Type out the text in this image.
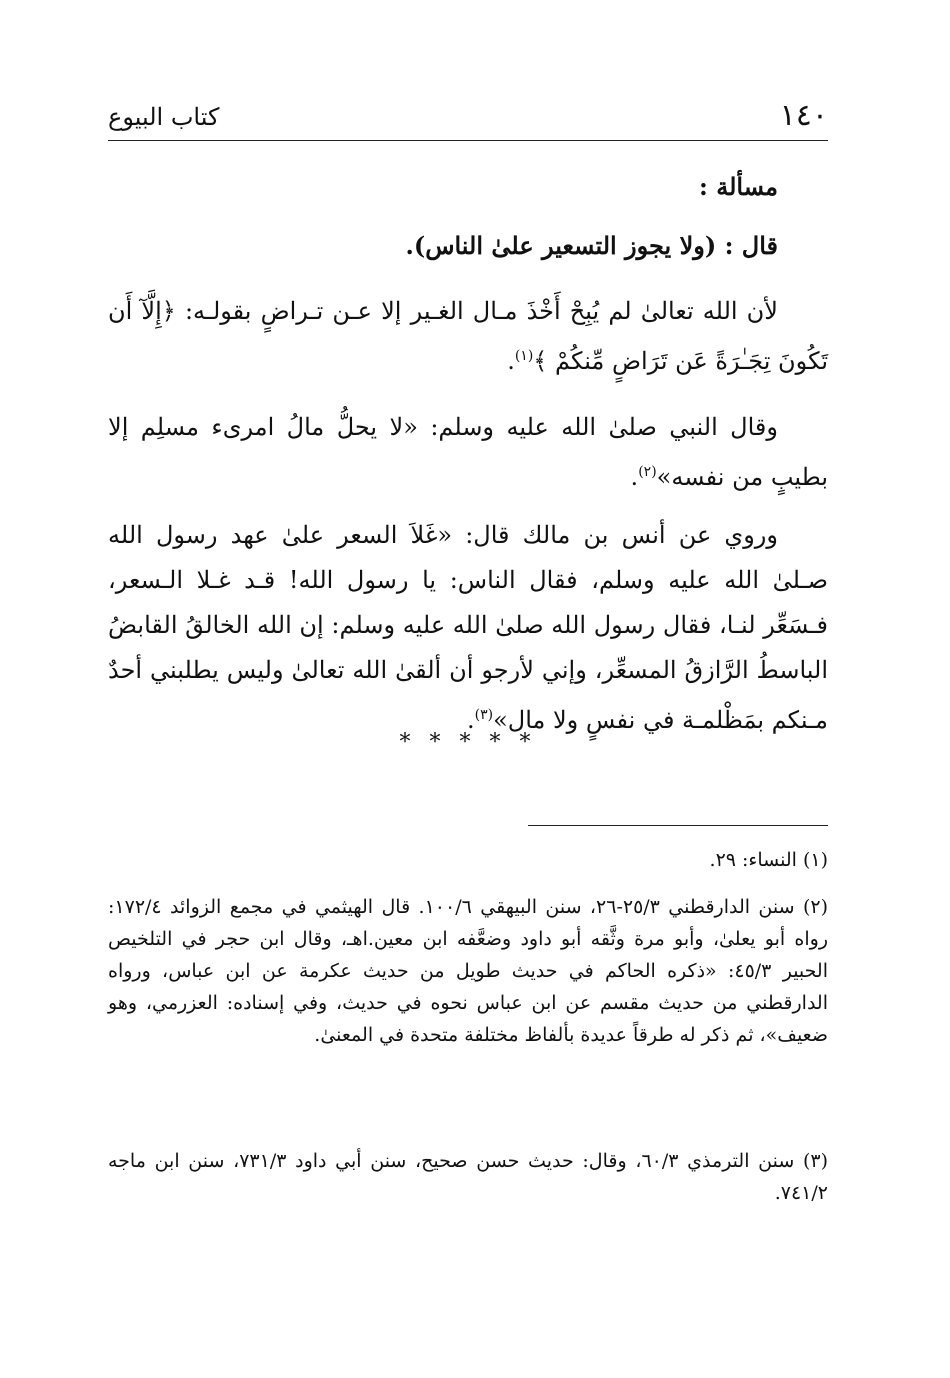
١٤٠
كتاب البيوع
مسألة :
قال : (ولا يجوز التسعير علىٰ الناس).

لأن الله تعالىٰ لم يُبِحْ أَخْذَ مـال الغـير إلا عـن تـراضٍ بقولـه: ﴿إِلَّآ أَن تَكُونَ تِجَـٰرَةً عَن تَرَاضٍ مِّنكُمْ ﴾$^{(١)}$.

وقال النبي صلىٰ الله عليه وسلم: «لا يحلُّ مالُ امرىء مسلِم إلا بطيبٍ من نفسه»$^{(٢)}$.

وروي عن أنس بن مالك قال: «غَلاَ السعر علىٰ عهد رسول الله صـلىٰ الله عليه وسلم، فقال الناس: يا رسول الله! قـد غـلا الـسعر، فـسَعِّر لنـا، فقال رسول الله صلىٰ الله عليه وسلم: إن الله الخالقُ القابضُ الباسطُ الرَّازقُ المسعِّر، وإني لأرجو أن ألقىٰ الله تعالىٰ وليس يطلبني أحدٌ مـنكم بمَظْلمـة في نفسٍ ولا مال»$^{(٣)}$.

* * * * *

(١) النساء: ٢٩.

(٢) سنن الدارقطني ٢٥/٣-٢٦، سنن البيهقي ١٠٠/٦. قال الهيثمي في مجمع الزوائد ١٧٢/٤: رواه أبو يعلىٰ، وأبو مرة وثَّقه أبو داود وضعَّفه ابن معين.اهـ، وقال ابن حجر في التلخيص الحبير ٤٥/٣: «ذكره الحاكم في حديث طويل من حديث عكرمة عن ابن عباس، ورواه الدارقطني من حديث مقسم عن ابن عباس نحوه في حديث، وفي إسناده: العزرمي، وهو ضعيف»، ثم ذكر له طرقاً عديدة بألفاظ مختلفة متحدة في المعنىٰ.

(٣) سنن الترمذي ٦٠/٣، وقال: حديث حسن صحيح، سنن أبي داود ٧٣١/٣، سنن ابن ماجه ٧٤١/٢.
